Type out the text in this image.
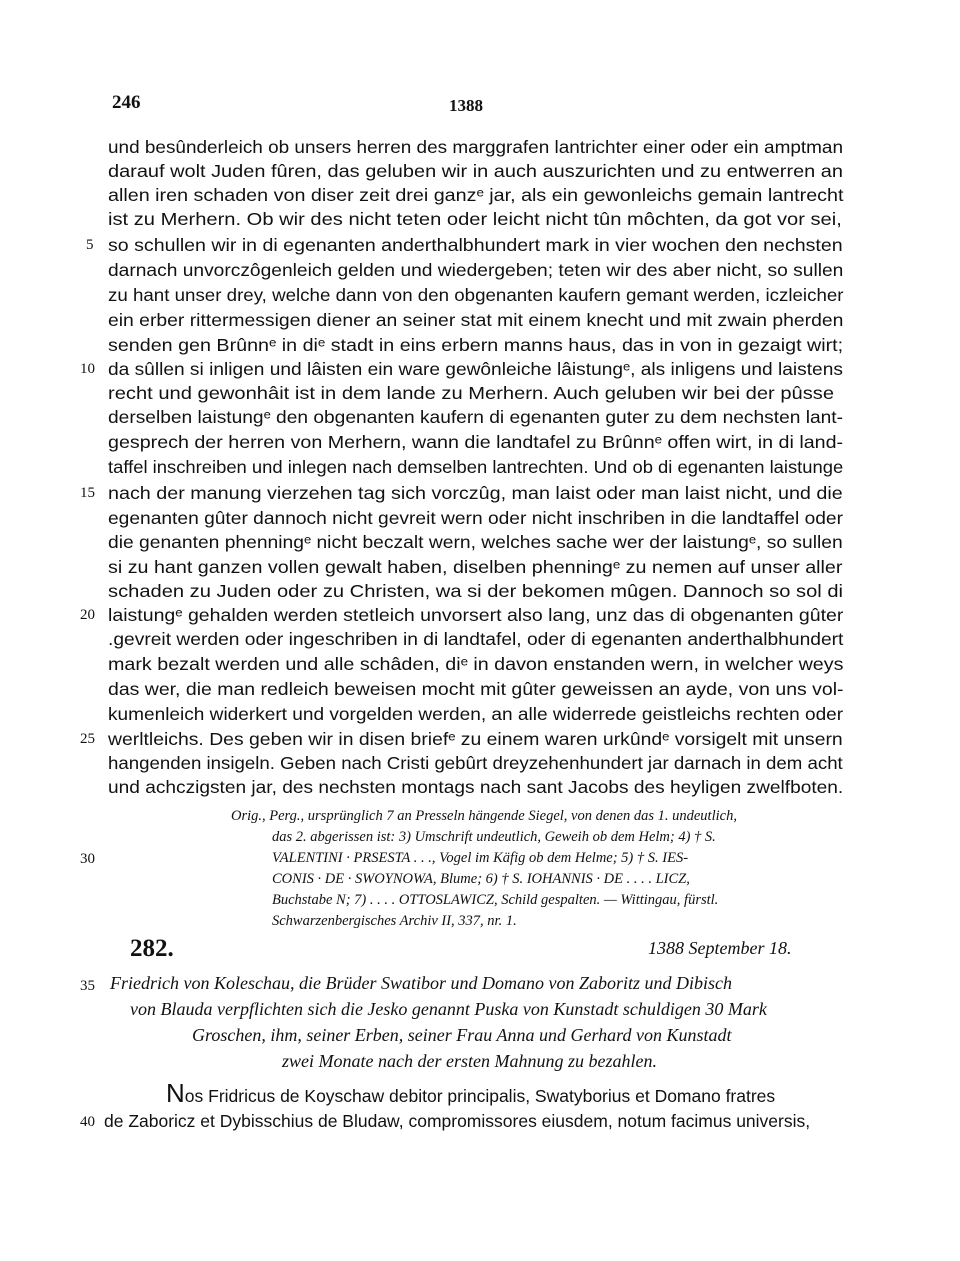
246	1388
und besûnderleich ob unsers herren des marggrafen lantrichter einer oder ein amptman
darauf wolt Juden fûren, das geluben wir in auch auszurichten und zu entwerren an
allen iren schaden von diser zeit drei ganzᵉ jar, als ein gewonleichs gemain lantrecht
ist zu Merhern. Ob wir des nicht teten oder leicht nicht tûn môchten, da got vor sei,
so schullen wir in di egenanten anderthalbhundert mark in vier wochen den nechsten
darnach unvorczôgenleich gelden und wiedergeben; teten wir des aber nicht, so sullen
zu hant unser drey, welche dann von den obgenanten kaufern gemant werden, iczleicher
ein erber rittermessigen diener an seiner stat mit einem knecht und mit zwain pherden
senden gen Brûnnᵉ in diᵉ stadt in eins erbern manns haus, das in von in gezaigt wirt;
da sûllen si inligen und lâisten ein ware gewônleiche lâistungᵉ, als inligens und laistens
recht und gewonhâit ist in dem lande zu Merhern. Auch geluben wir bei der pûsse
derselben laistungᵉ den obgenanten kaufern di egenanten guter zu dem nechsten lant-
gesprech der herren von Merhern, wann die landtafel zu Brûnnᵉ offen wirt, in di land-
taffel inschreiben und inlegen nach demselben lantrechten. Und ob di egenanten laistunge
nach der manung vierzehen tag sich vorczûg, man laist oder man laist nicht, und die
egenanten gûter dannoch nicht gevreit wern oder nicht inschriben in die landtaffel oder
die genanten phenningᵉ nicht beczalt wern, welches sache wer der laistungᵉ, so sullen
si zu hant ganzen vollen gewalt haben, diselben phenningᵉ zu nemen auf unser aller
schaden zu Juden oder zu Christen, wa si der bekomen mûgen. Dannoch so sol di
laistungᵉ gehalden werden stetleich unvorsert also lang, unz das di obgenanten gûter
.gevreit werden oder ingeschriben in di landtafel, oder di egenanten anderthalbhundert
mark bezalt werden und alle schâden, diᵉ in davon enstanden wern, in welcher weys
das wer, die man redleich beweisen mocht mit gûter geweissen an ayde, von uns vol-
kumenleich widerkert und vorgelden werden, an alle widerrede geistleichs rechten oder
werltleichs. Des geben wir in disen briefᵉ zu einem waren urkûndᵉ vorsigelt mit unsern
hangenden insigeln. Geben nach Cristi gebûrt dreyzehenhundert jar darnach in dem acht
und achczigsten jar, des nechsten montags nach sant Jacobs des heyligen zwelfboten.
5
10
15
20
25
30
35
40
Orig., Perg., ursprünglich 7 an Presseln hängende Siegel, von denen das 1. undeutlich,
das 2. abgerissen ist: 3) Umschrift undeutlich, Geweih ob dem Helm; 4) † S.
VALENTINI · PRSESTA . . ., Vogel im Käfig ob dem Helme; 5) † S. IES-
CONIS · DE · SWOYNOWA, Blume; 6) † S. IOHANNIS · DE . . . . LICZ,
Buchstabe N; 7) . . . . OTTOSLAWICZ, Schild gespalten. — Wittingau, fürstl.
Schwarzenbergisches Archiv II, 337, nr. 1.
282.	1388 September 18.
Friedrich von Koleschau, die Brüder Swatibor und Domano von Zaboritz und Dibisch
von Blauda verpflichten sich die Jesko genannt Puska von Kunstadt schuldigen 30 Mark
Groschen, ihm, seiner Erben, seiner Frau Anna und Gerhard von Kunstadt
zwei Monate nach der ersten Mahnung zu bezahlen.
Nos Fridricus de Koyschaw debitor principalis, Swatyborius et Domano fratres
de Zaboricz et Dybisschius de Bludaw, compromissores eiusdem, notum facimus universis,
